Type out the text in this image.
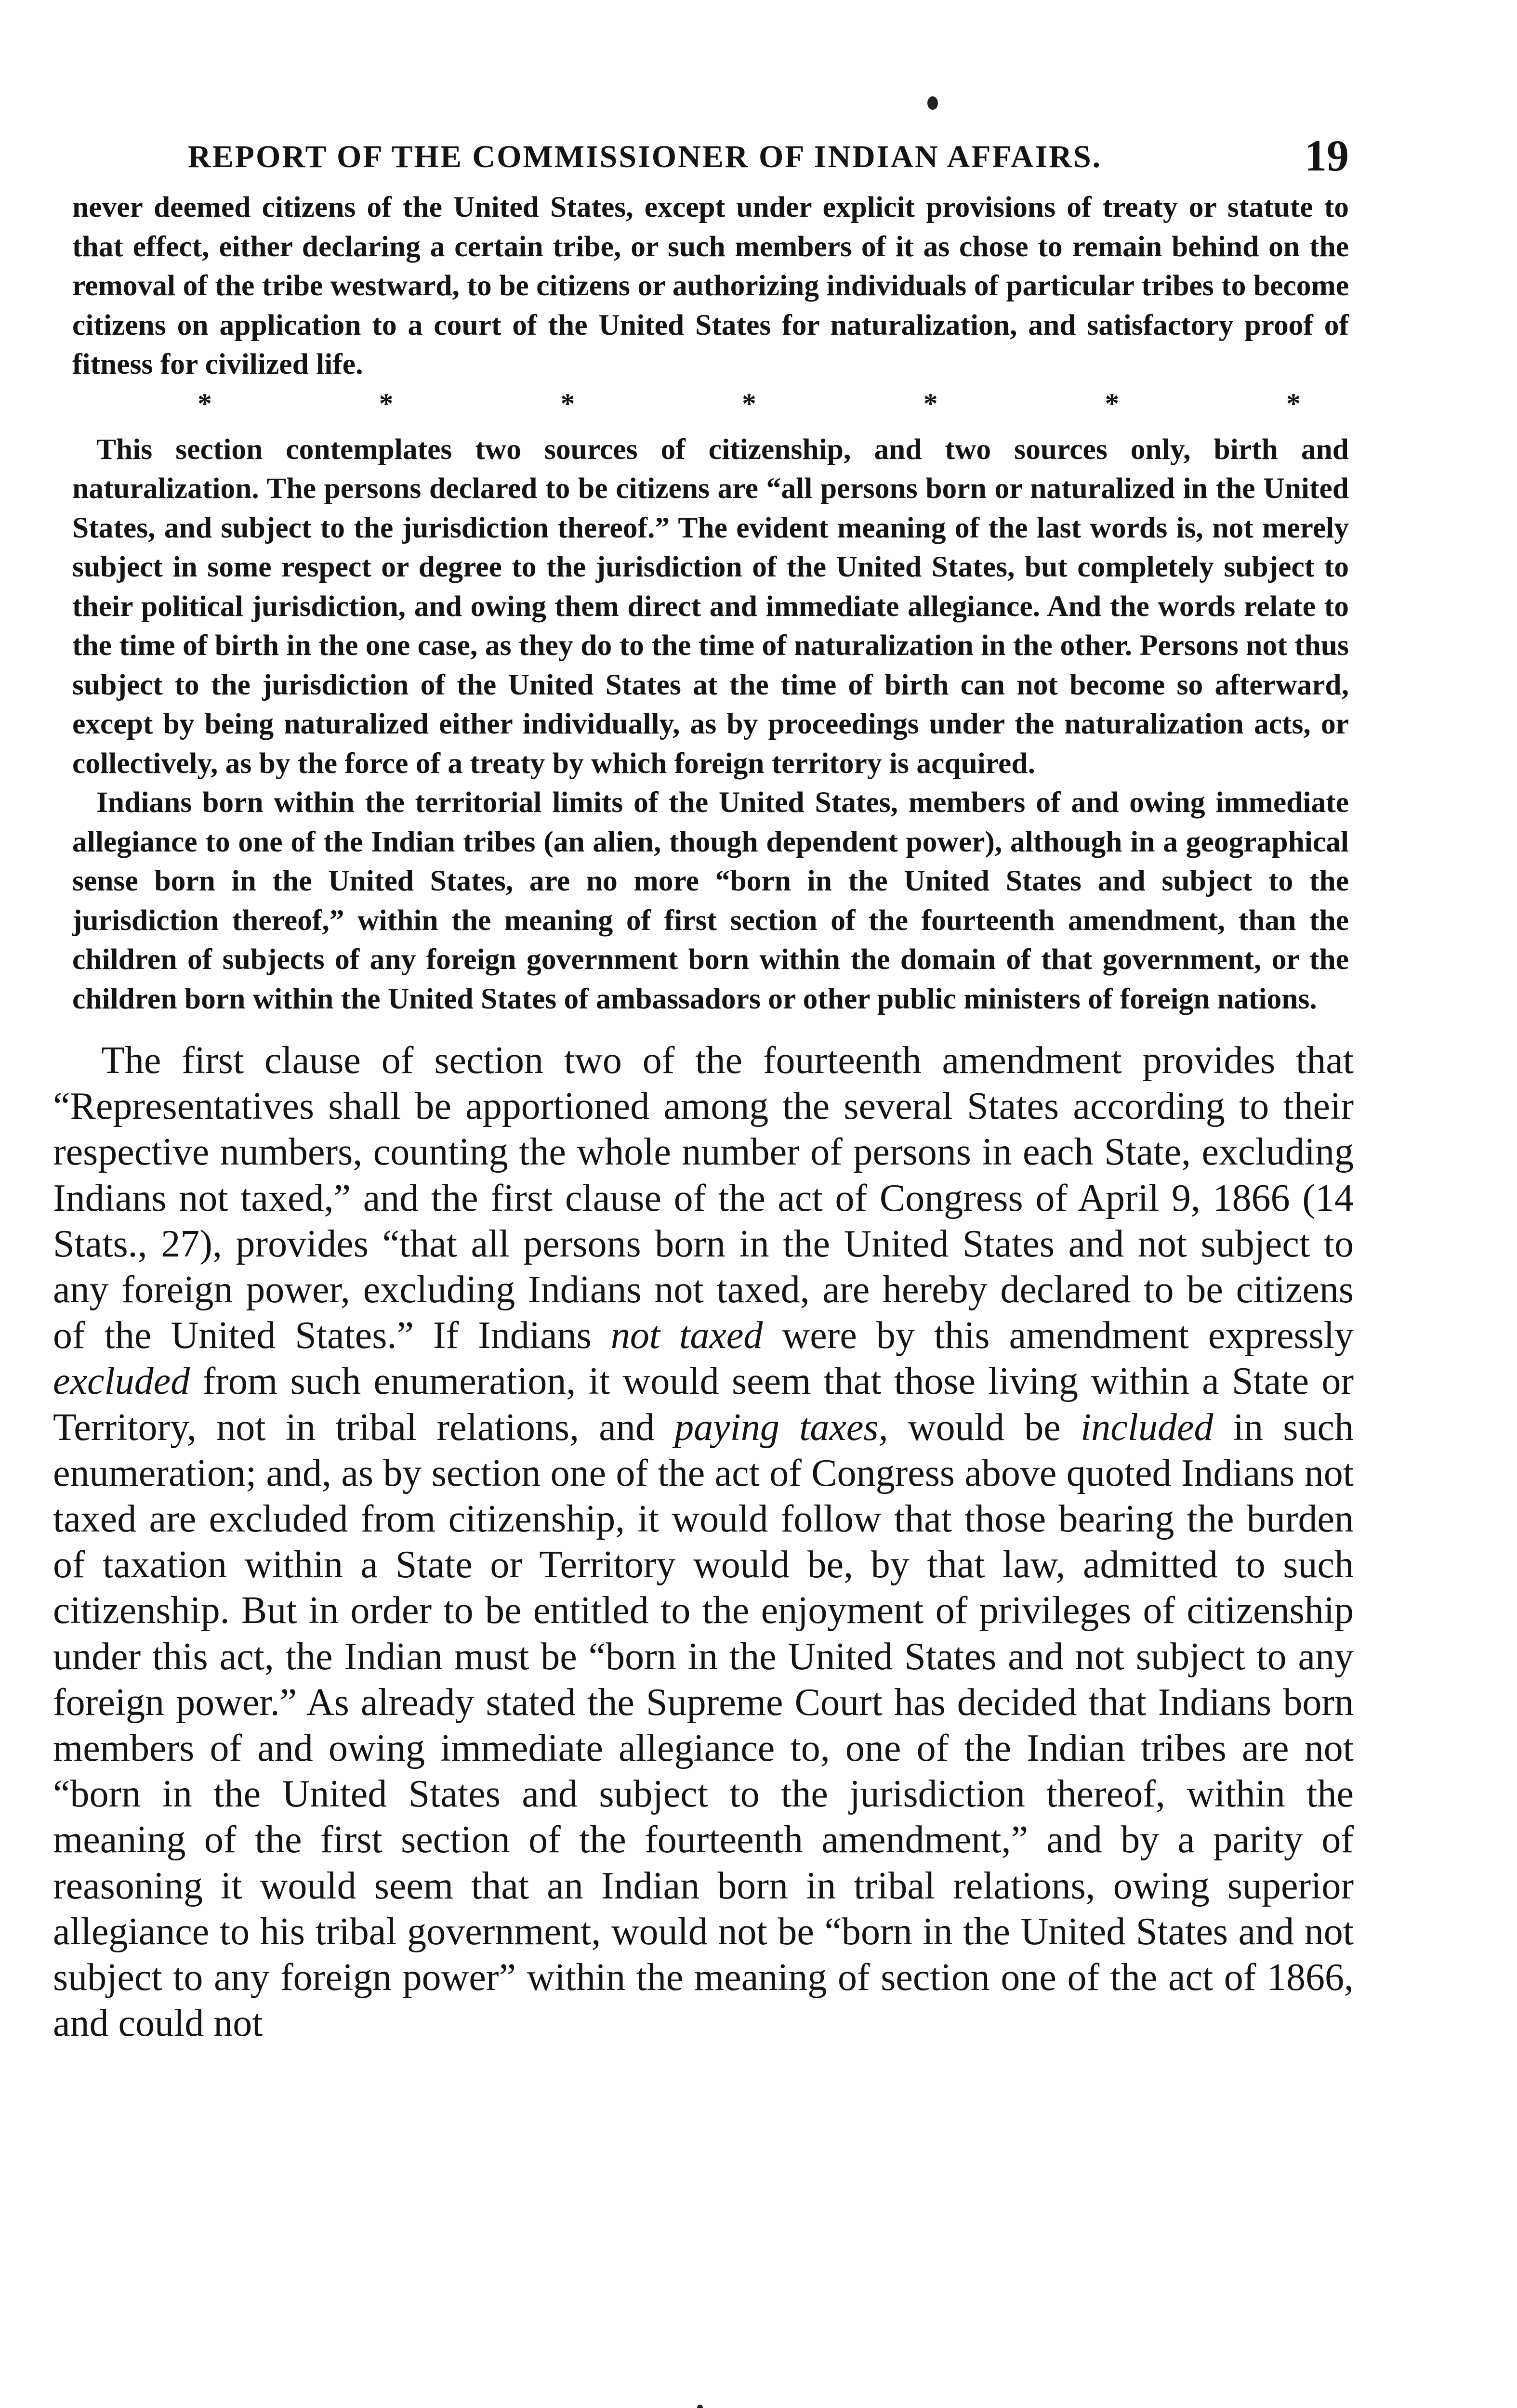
REPORT OF THE COMMISSIONER OF INDIAN AFFAIRS.	19

never deemed citizens of the United States, except under explicit provisions of treaty or statute to that effect, either declaring a certain tribe, or such members of it as chose to remain behind on the removal of the tribe westward, to be citizens or authorizing individuals of particular tribes to become citizens on application to a court of the United States for naturalization, and satisfactory proof of fitness for civilized life.

*	*	*	*	*	*	*

This section contemplates two sources of citizenship, and two sources only, birth and naturalization. The persons declared to be citizens are “all persons born or naturalized in the United States, and subject to the jurisdiction thereof.” The evident meaning of the last words is, not merely subject in some respect or degree to the jurisdiction of the United States, but completely subject to their political jurisdiction, and owing them direct and immediate allegiance. And the words relate to the time of birth in the one case, as they do to the time of naturalization in the other. Persons not thus subject to the jurisdiction of the United States at the time of birth can not become so afterward, except by being naturalized either individually, as by proceedings under the naturalization acts, or collectively, as by the force of a treaty by which foreign territory is acquired.

Indians born within the territorial limits of the United States, members of and owing immediate allegiance to one of the Indian tribes (an alien, though dependent power), although in a geographical sense born in the United States, are no more “born in the United States and subject to the jurisdiction thereof,” within the meaning of first section of the fourteenth amendment, than the children of subjects of any foreign government born within the domain of that government, or the children born within the United States of ambassadors or other public ministers of foreign nations.

The first clause of section two of the fourteenth amendment provides that “Representatives shall be apportioned among the several States according to their respective numbers, counting the whole number of persons in each State, excluding Indians not taxed,” and the first clause of the act of Congress of April 9, 1866 (14 Stats., 27), provides “that all persons born in the United States and not subject to any foreign power, excluding Indians not taxed, are hereby declared to be citizens of the United States.” If Indians not taxed were by this amendment expressly excluded from such enumeration, it would seem that those living within a State or Territory, not in tribal relations, and paying taxes, would be included in such enumeration; and, as by section one of the act of Congress above quoted Indians not taxed are excluded from citizenship, it would follow that those bearing the burden of taxation within a State or Territory would be, by that law, admitted to such citizenship. But in order to be entitled to the enjoyment of privileges of citizenship under this act, the Indian must be “born in the United States and not subject to any foreign power.” As already stated the Supreme Court has decided that Indians born members of and owing immediate allegiance to, one of the Indian tribes are not “born in the United States and subject to the jurisdiction thereof, within the meaning of the first section of the fourteenth amendment,” and by a parity of reasoning it would seem that an Indian born in tribal relations, owing superior allegiance to his tribal government, would not be “born in the United States and not subject to any foreign power” within the meaning of section one of the act of 1866, and could not
